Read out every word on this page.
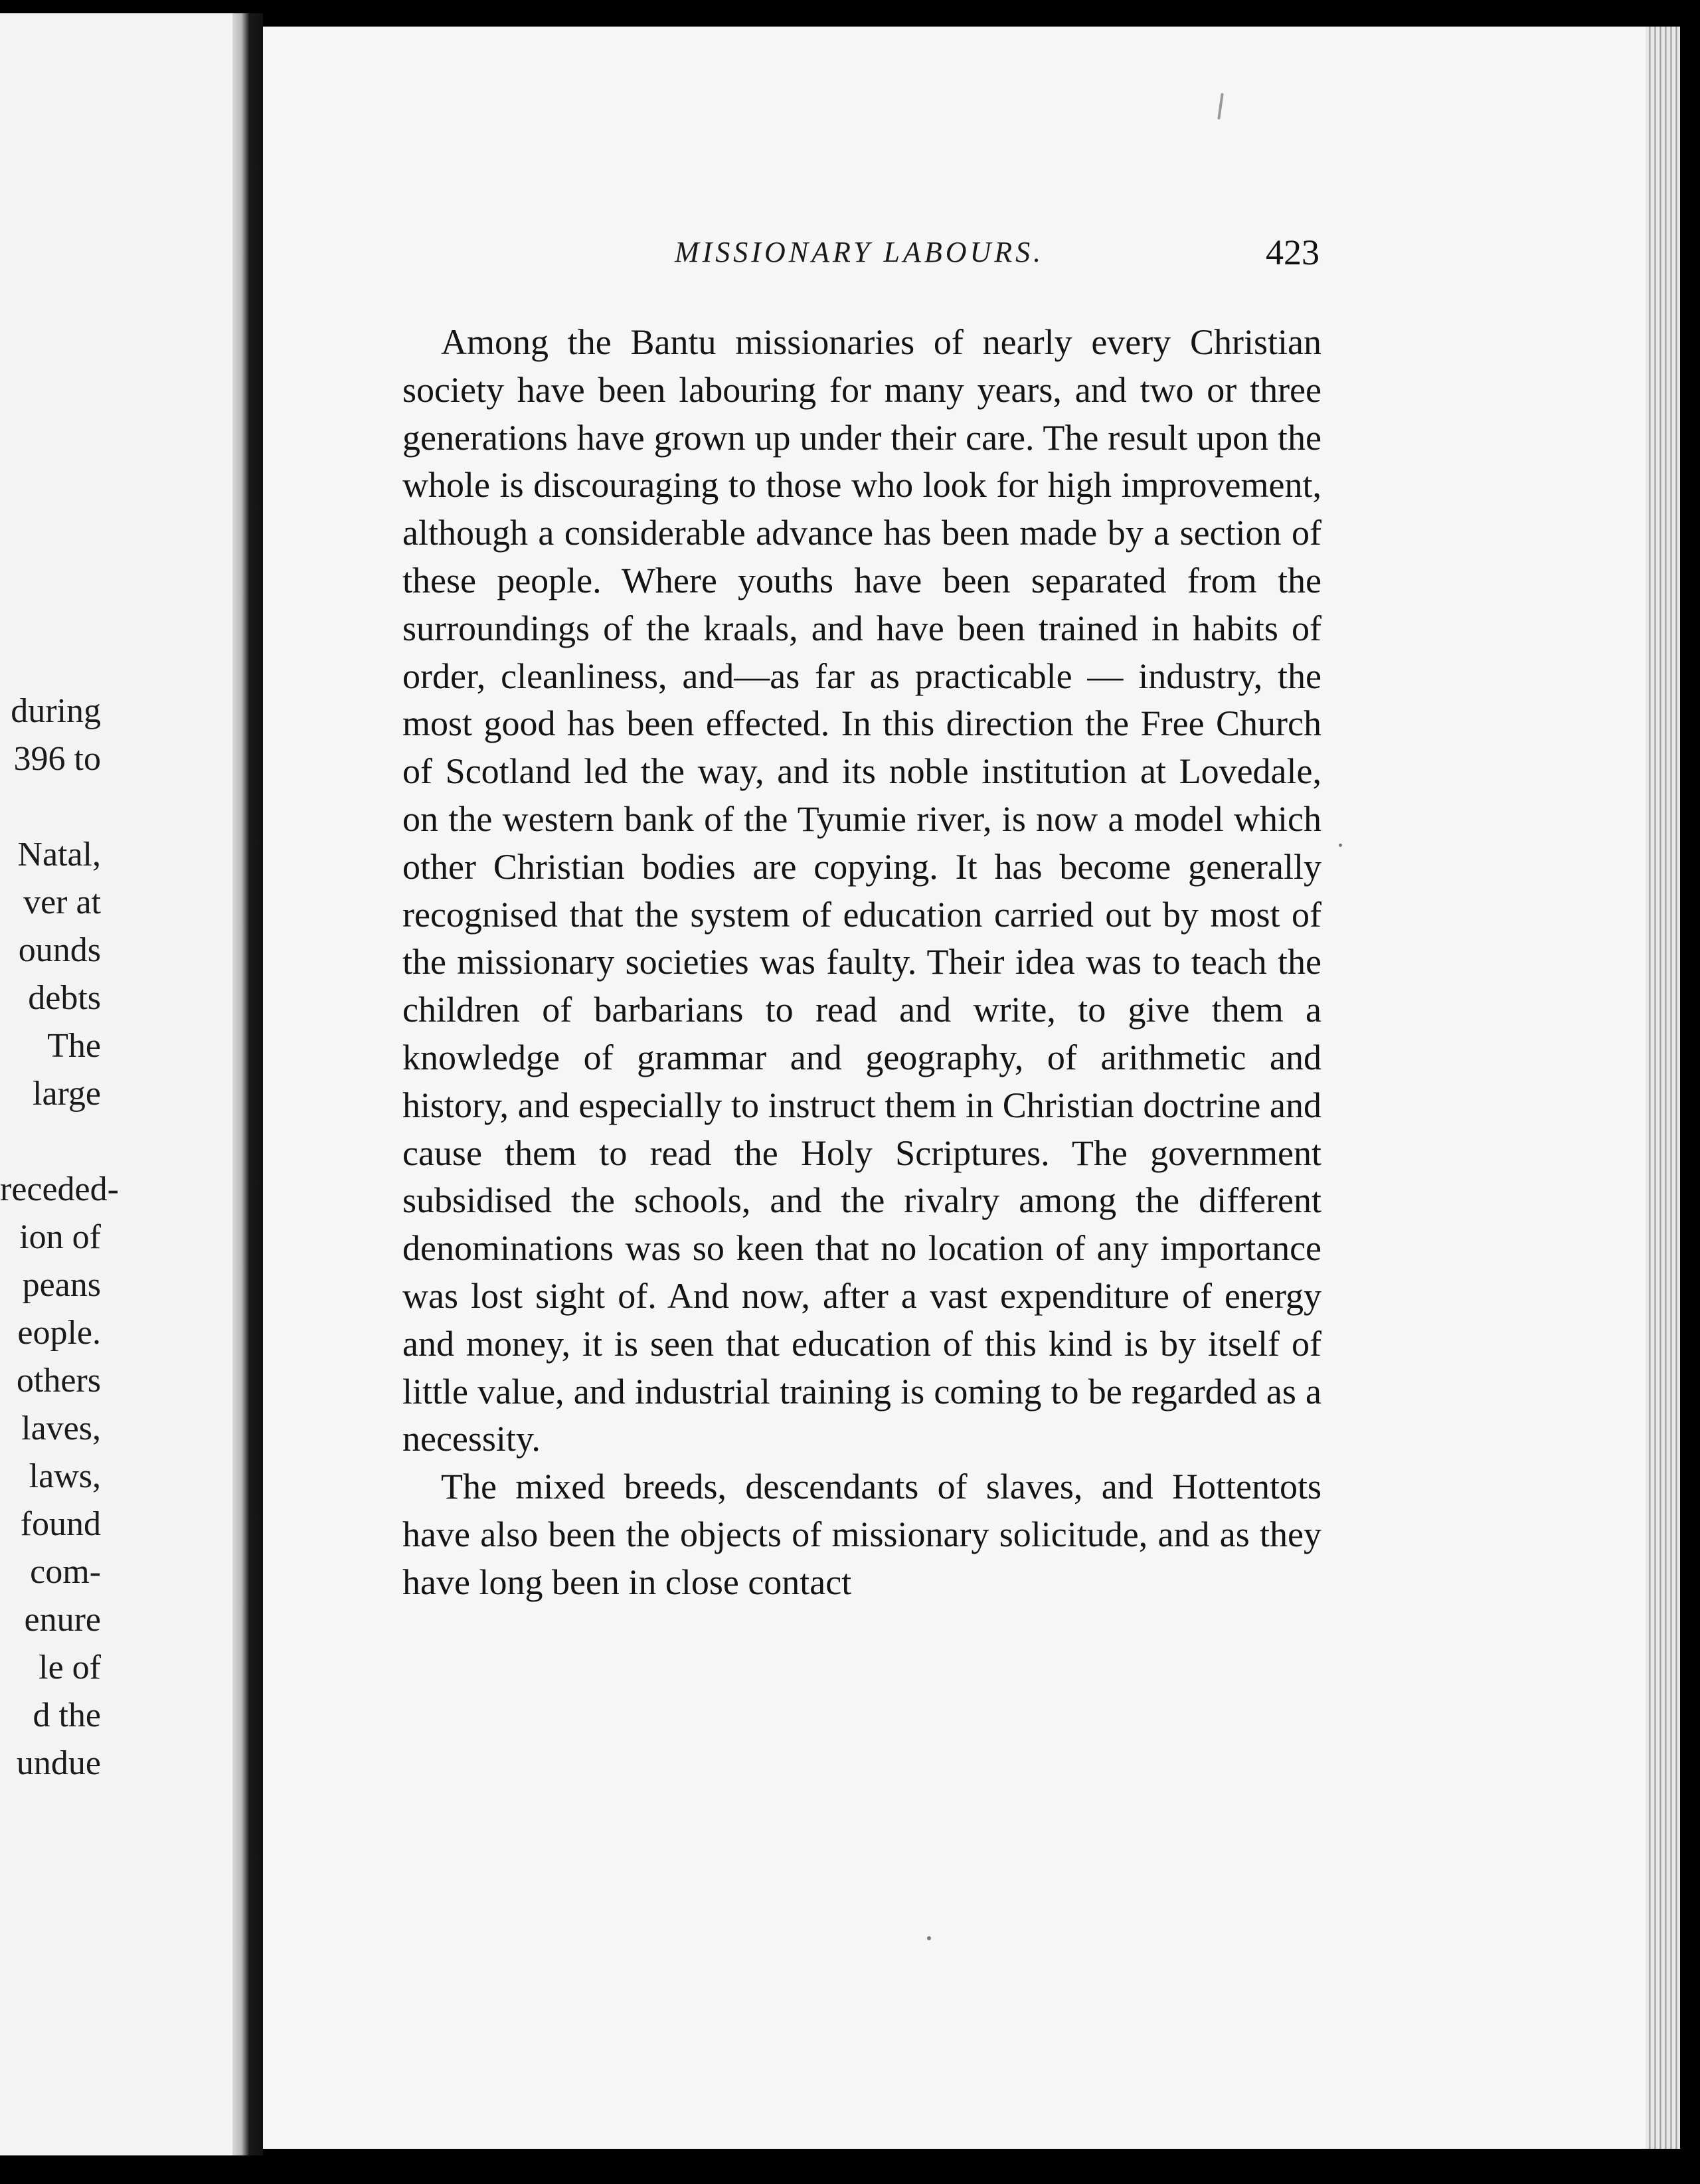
during
396 to
Natal,
ver at
ounds
debts
The
large
receded-
ion of
peans
eople.
others
laves,
laws,
found
com-
enure
le of
d the
undue
MISSIONARY LABOURS.	423

Among the Bantu missionaries of nearly every Christian society have been labouring for many years, and two or three generations have grown up under their care. The result upon the whole is discouraging to those who look for high improvement, although a considerable advance has been made by a section of these people. Where youths have been separated from the surroundings of the kraals, and have been trained in habits of order, cleanliness, and—as far as practicable — industry, the most good has been effected. In this direction the Free Church of Scotland led the way, and its noble institution at Lovedale, on the western bank of the Tyumie river, is now a model which other Christian bodies are copying. It has become generally recognised that the system of education carried out by most of the missionary societies was faulty. Their idea was to teach the children of barbarians to read and write, to give them a knowledge of grammar and geography, of arithmetic and history, and especially to instruct them in Christian doctrine and cause them to read the Holy Scriptures. The government subsidised the schools, and the rivalry among the different denominations was so keen that no location of any importance was lost sight of. And now, after a vast expenditure of energy and money, it is seen that education of this kind is by itself of little value, and industrial training is coming to be regarded as a necessity.

The mixed breeds, descendants of slaves, and Hottentots have also been the objects of missionary solicitude, and as they have long been in close contact
